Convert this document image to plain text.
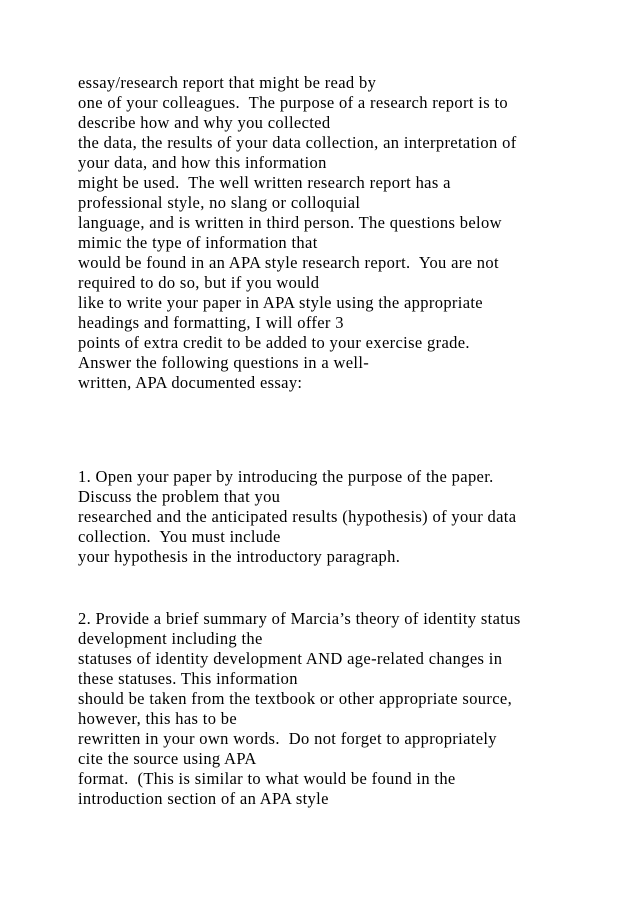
essay/research report that might be read by
one of your colleagues.  The purpose of a research report is to
describe how and why you collected
the data, the results of your data collection, an interpretation of
your data, and how this information
might be used.  The well written research report has a
professional style, no slang or colloquial
language, and is written in third person. The questions below
mimic the type of information that
would be found in an APA style research report.  You are not
required to do so, but if you would
like to write your paper in APA style using the appropriate
headings and formatting, I will offer 3
points of extra credit to be added to your exercise grade.
Answer the following questions in a well-
written, APA documented essay:
1. Open your paper by introducing the purpose of the paper.
Discuss the problem that you
researched and the anticipated results (hypothesis) of your data
collection.  You must include
your hypothesis in the introductory paragraph.
2. Provide a brief summary of Marcia’s theory of identity status
development including the
statuses of identity development AND age-related changes in
these statuses. This information
should be taken from the textbook or other appropriate source,
however, this has to be
rewritten in your own words.  Do not forget to appropriately
cite the source using APA
format.  (This is similar to what would be found in the
introduction section of an APA style
